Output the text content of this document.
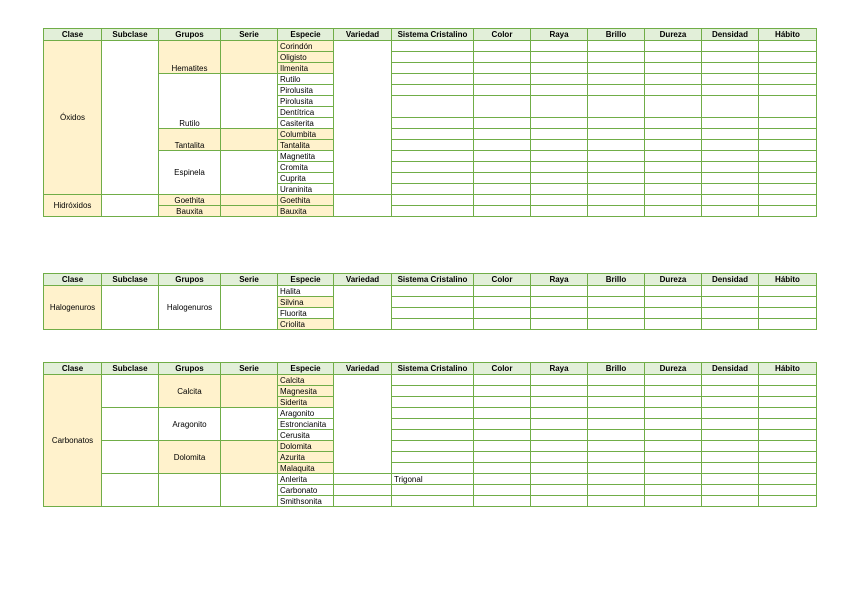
Clase	Subclase	Grupos	Serie	Especie	Variedad	Sistema Cristalino	Color	Raya	Brillo	Dureza	Densidad	Hábito
Óxidos		Hematites		Corindón								
				Oligisto								
				Ilmenita								
		Rutilo		Rutilo								
				Pirolusita								
				Pirolusita								
				Dentítrica								
				Casiterita								
		Tantalita		Columbita								
				Tantalita								
		Espinela		Magnetita								
				Cromita								
				Cuprita								
				Uraninita								
Hidróxidos		Goethita		Goethita								
		Bauxita		Bauxita								
Clase	Subclase	Grupos	Serie	Especie	Variedad	Sistema Cristalino	Color	Raya	Brillo	Dureza	Densidad	Hábito
Halogenuros		Halogenuros		Halita								
				Silvina								
				Fluorita								
				Criolita								
Clase	Subclase	Grupos	Serie	Especie	Variedad	Sistema Cristalino	Color	Raya	Brillo	Dureza	Densidad	Hábito
Carbonatos		Calcita		Calcita								
				Magnesita								
				Siderita								
		Aragonito		Aragonito								
				Estroncianita								
				Cerusita								
		Dolomita		Dolomita								
				Azurita								
				Malaquita								
				Anlerita		Trigonal						
				Carbonato								
				Smithsonita								
